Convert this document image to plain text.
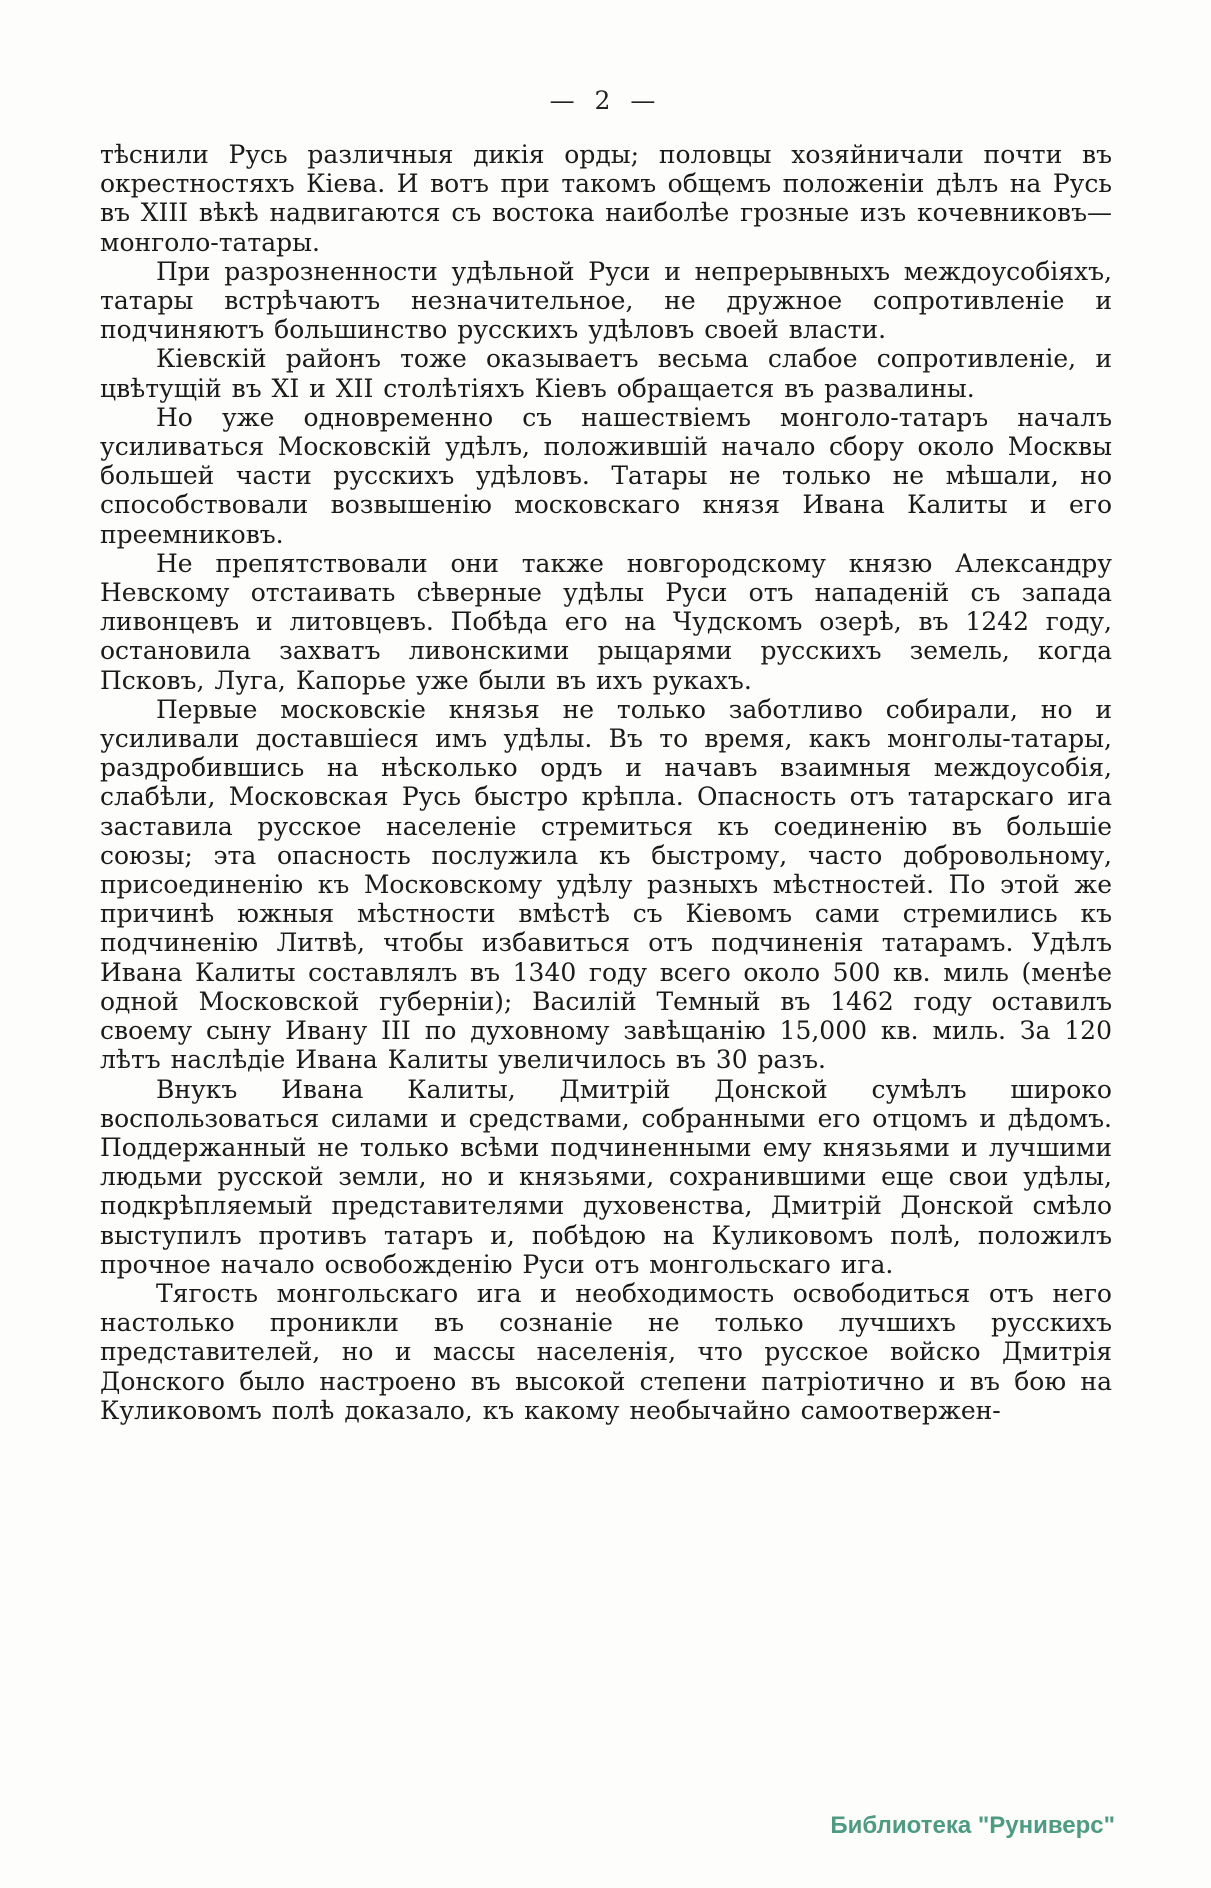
— 2 —

тѣснили Русь различныя дикія орды; половцы хозяйничали почти въ окрестностяхъ Кіева. И вотъ при такомъ общемъ положеніи дѣлъ на Русь въ XIII вѣкѣ надвигаются съ востока наиболѣе грозные изъ кочевниковъ—монголо-татары.

При разрозненности удѣльной Руси и непрерывныхъ междоусобіяхъ, татары встрѣчаютъ незначительное, не дружное сопротивленіе и подчиняютъ большинство русскихъ удѣловъ своей власти.

Кіевскій районъ тоже оказываетъ весьма слабое сопротивленіе, и цвѣтущій въ XI и XII столѣтіяхъ Кіевъ обращается въ развалины.

Но уже одновременно съ нашествіемъ монголо-татаръ началъ усиливаться Московскій удѣлъ, положившій начало сбору около Москвы большей части русскихъ удѣловъ. Татары не только не мѣшали, но способствовали возвышенію московскаго князя Ивана Калиты и его преемниковъ.

Не препятствовали они также новгородскому князю Александру Невскому отстаивать сѣверные удѣлы Руси отъ нападеній съ запада ливонцевъ и литовцевъ. Побѣда его на Чудскомъ озерѣ, въ 1242 году, остановила захватъ ливонскими рыцарями русскихъ земель, когда Псковъ, Луга, Капорье уже были въ ихъ рукахъ.

Первые московскіе князья не только заботливо собирали, но и усиливали доставшіеся имъ удѣлы. Въ то время, какъ монголы-татары, раздробившись на нѣсколько ордъ и начавъ взаимныя междоусобія, слабѣли, Московская Русь быстро крѣпла. Опасность отъ татарскаго ига заставила русское населеніе стремиться къ соединенію въ большіе союзы; эта опасность послужила къ быстрому, часто добровольному, присоединенію къ Московскому удѣлу разныхъ мѣстностей. По этой же причинѣ южныя мѣстности вмѣстѣ съ Кіевомъ сами стремились къ подчиненію Литвѣ, чтобы избавиться отъ подчиненія татарамъ. Удѣлъ Ивана Калиты составлялъ въ 1340 году всего около 500 кв. миль (менѣе одной Московской губерніи); Василій Темный въ 1462 году оставилъ своему сыну Ивану III по духовному завѣщанію 15,000 кв. миль. За 120 лѣтъ наслѣдіе Ивана Калиты увеличилось въ 30 разъ.

Внукъ Ивана Калиты, Дмитрій Донской сумѣлъ широко воспользоваться силами и средствами, собранными его отцомъ и дѣдомъ. Поддержанный не только всѣми подчиненными ему князьями и лучшими людьми русской земли, но и князьями, сохранившими еще свои удѣлы, подкрѣпляемый представителями духовенства, Дмитрій Донской смѣло выступилъ противъ татаръ и, побѣдою на Куликовомъ полѣ, положилъ прочное начало освобожденію Руси отъ монгольскаго ига.

Тягость монгольскаго ига и необходимость освободиться отъ него настолько проникли въ сознаніе не только лучшихъ русскихъ представителей, но и массы населенія, что русское войско Дмитрія Донского было настроено въ высокой степени патріотично и въ бою на Куликовомъ полѣ доказало, къ какому необычайно самоотвержен-

Библиотека "Руниверс"
